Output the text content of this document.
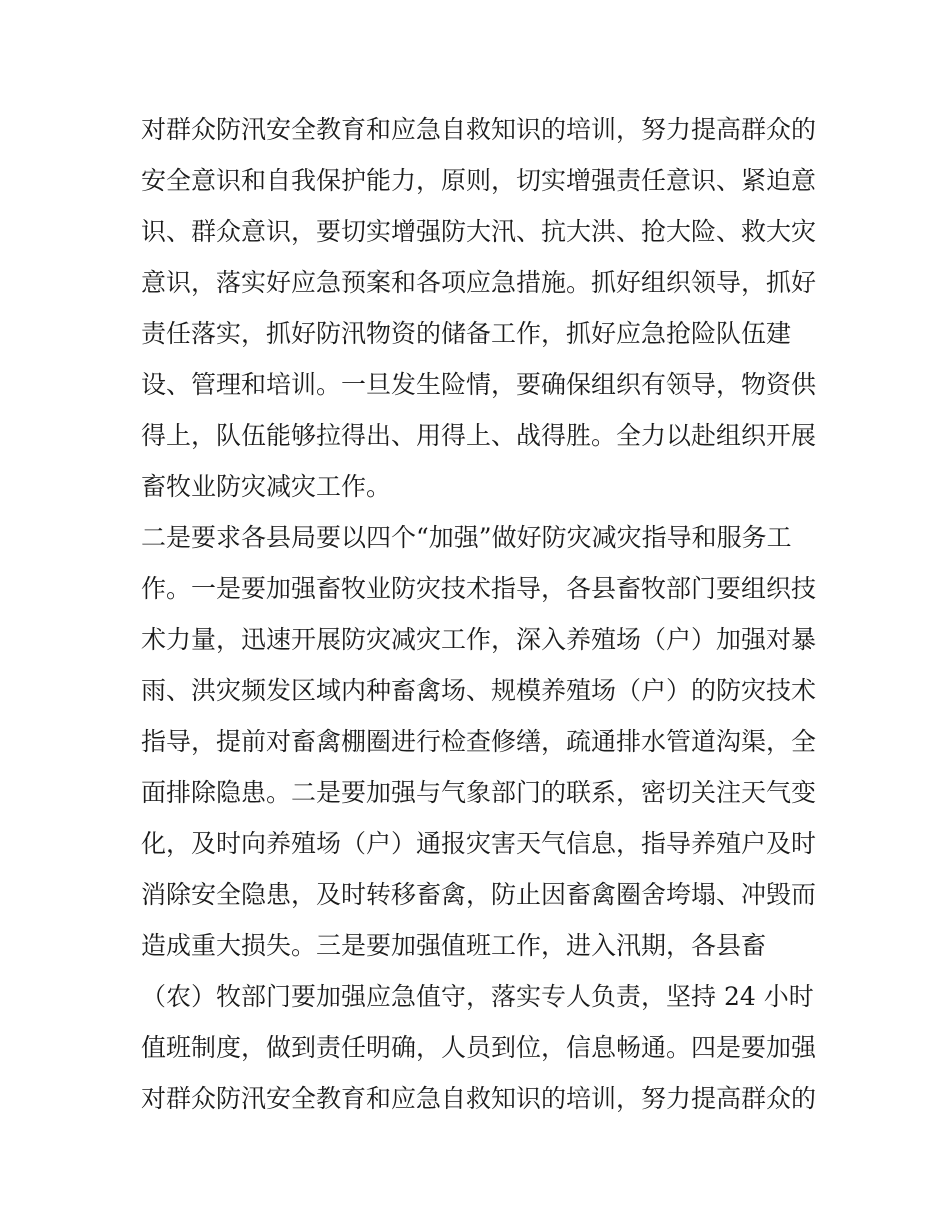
对群众防汛安全教育和应急自救知识的培训，努力提高群众的
安全意识和自我保护能力，原则，切实增强责任意识、紧迫意
识、群众意识，要切实增强防大汛、抗大洪、抢大险、救大灾
意识，落实好应急预案和各项应急措施。抓好组织领导，抓好
责任落实，抓好防汛物资的储备工作，抓好应急抢险队伍建
设、管理和培训。一旦发生险情，要确保组织有领导，物资供
得上，队伍能够拉得出、用得上、战得胜。全力以赴组织开展
畜牧业防灾减灾工作。
二是要求各县局要以四个“加强”做好防灾减灾指导和服务工
作。一是要加强畜牧业防灾技术指导，各县畜牧部门要组织技
术力量，迅速开展防灾减灾工作，深入养殖场（户）加强对暴
雨、洪灾频发区域内种畜禽场、规模养殖场（户）的防灾技术
指导，提前对畜禽棚圈进行检查修缮，疏通排水管道沟渠，全
面排除隐患。二是要加强与气象部门的联系，密切关注天气变
化，及时向养殖场（户）通报灾害天气信息，指导养殖户及时
消除安全隐患，及时转移畜禽，防止因畜禽圈舍垮塌、冲毁而
造成重大损失。三是要加强值班工作，进入汛期，各县畜
（农）牧部门要加强应急值守，落实专人负责，坚持 24 小时
值班制度，做到责任明确，人员到位，信息畅通。四是要加强
对群众防汛安全教育和应急自救知识的培训，努力提高群众的
